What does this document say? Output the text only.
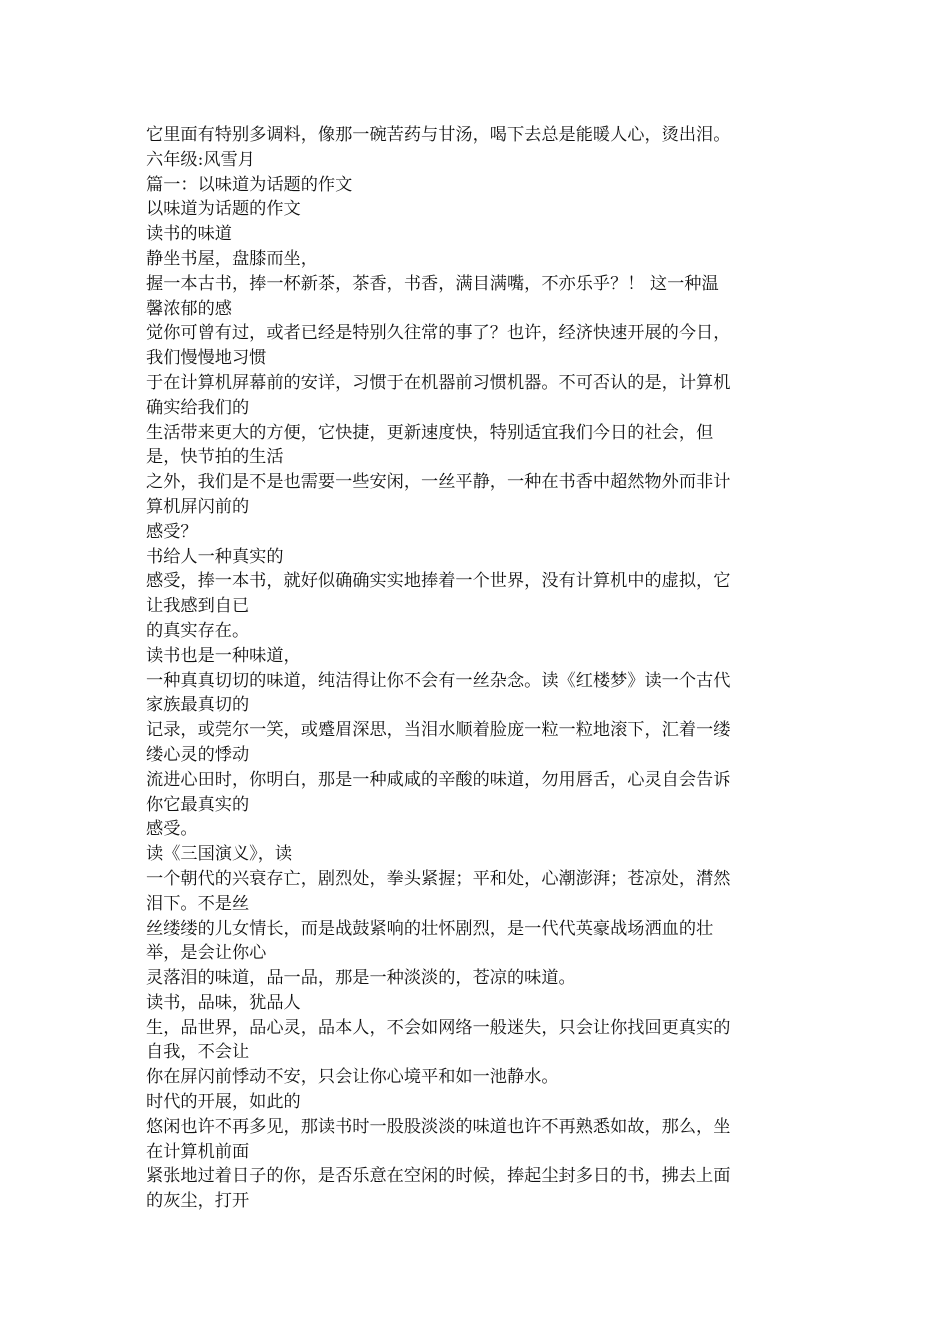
它里面有特别多调料，像那一碗苦药与甘汤，喝下去总是能暖人心，烫出泪。
六年级:风雪月
篇一：以味道为话题的作文
以味道为话题的作文
读书的味道
静坐书屋，盘膝而坐，
握一本古书，捧一杯新茶，茶香，书香，满目满嘴，不亦乐乎？！ 这一种温
馨浓郁的感
觉你可曾有过，或者已经是特别久往常的事了？也许，经济快速开展的今日，
我们慢慢地习惯
于在计算机屏幕前的安详，习惯于在机器前习惯机器。不可否认的是，计算机
确实给我们的
生活带来更大的方便，它快捷，更新速度快，特别适宜我们今日的社会，但
是，快节拍的生活
之外，我们是不是也需要一些安闲，一丝平静，一种在书香中超然物外而非计
算机屏闪前的
感受？
书给人一种真实的
感受，捧一本书，就好似确确实实地捧着一个世界，没有计算机中的虚拟，它
让我感到自已
的真实存在。
读书也是一种味道，
一种真真切切的味道，纯洁得让你不会有一丝杂念。读《红楼梦》读一个古代
家族最真切的
记录，或莞尔一笑，或蹙眉深思，当泪水顺着脸庞一粒一粒地滚下，汇着一缕
缕心灵的悸动
流进心田时，你明白，那是一种咸咸的辛酸的味道，勿用唇舌，心灵自会告诉
你它最真实的
感受。
读《三国演义》，读
一个朝代的兴衰存亡，剧烈处，拳头紧握；平和处，心潮澎湃；苍凉处，潸然
泪下。不是丝
丝缕缕的儿女情长，而是战鼓紧响的壮怀剧烈，是一代代英豪战场洒血的壮
举，是会让你心
灵落泪的味道，品一品，那是一种淡淡的，苍凉的味道。
读书，品味，犹品人
生，品世界，品心灵，品本人，不会如网络一般迷失，只会让你找回更真实的
自我，不会让
你在屏闪前悸动不安，只会让你心境平和如一池静水。
时代的开展，如此的
悠闲也许不再多见，那读书时一股股淡淡的味道也许不再熟悉如故，那么，坐
在计算机前面
紧张地过着日子的你，是否乐意在空闲的时候，捧起尘封多日的书，拂去上面
的灰尘，打开
